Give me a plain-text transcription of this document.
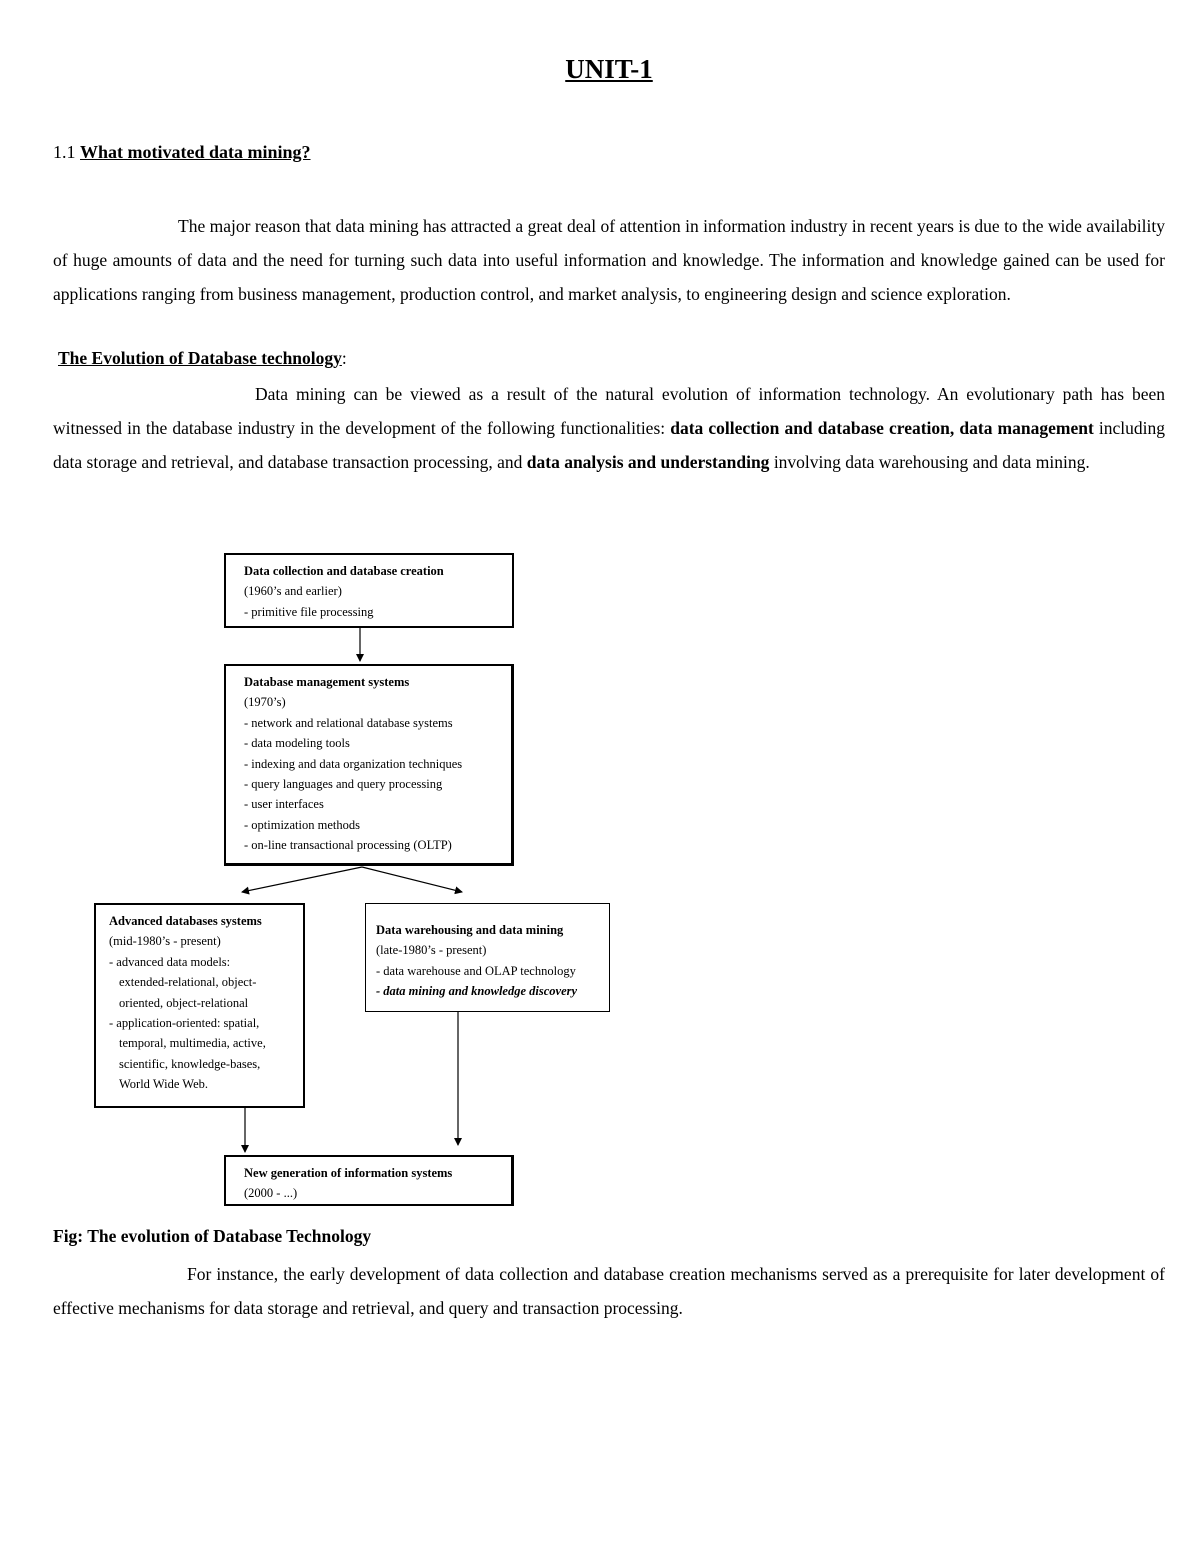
UNIT-1
1.1 What motivated data mining?

The major reason that data mining has attracted a great deal of attention in information industry in recent years is due to the wide availability of huge amounts of data and the need for turning such data into useful information and knowledge. The information and knowledge gained can be used for applications ranging from business management, production control, and market analysis, to engineering design and science exploration.

The Evolution of Database technology:

Data mining can be viewed as a result of the natural evolution of information technology. An evolutionary path has been witnessed in the database industry in the development of the following functionalities: data collection and database creation, data management including data storage and retrieval, and database transaction processing, and data analysis and understanding involving data warehousing and data mining.

Data collection and database creation
(1960’s and earlier)
- primitive file processing
Database management systems
(1970’s)
- network and relational database systems
- data modeling tools
- indexing and data organization techniques
- query languages and query processing
- user interfaces
- optimization methods
- on-line transactional processing (OLTP)
Advanced databases systems
(mid-1980’s - present)
- advanced data models:
extended-relational, object-
oriented, object-relational
- application-oriented: spatial,
temporal, multimedia, active,
scientific, knowledge-bases,
World Wide Web.
Data warehousing and data mining
(late-1980’s - present)
- data warehouse and OLAP technology
- data mining and knowledge discovery
New generation of information systems
(2000 - ...)
Fig: The evolution of Database Technology

For instance, the early development of data collection and database creation mechanisms served as a prerequisite for later development of effective mechanisms for data storage and retrieval, and query and transaction processing.
